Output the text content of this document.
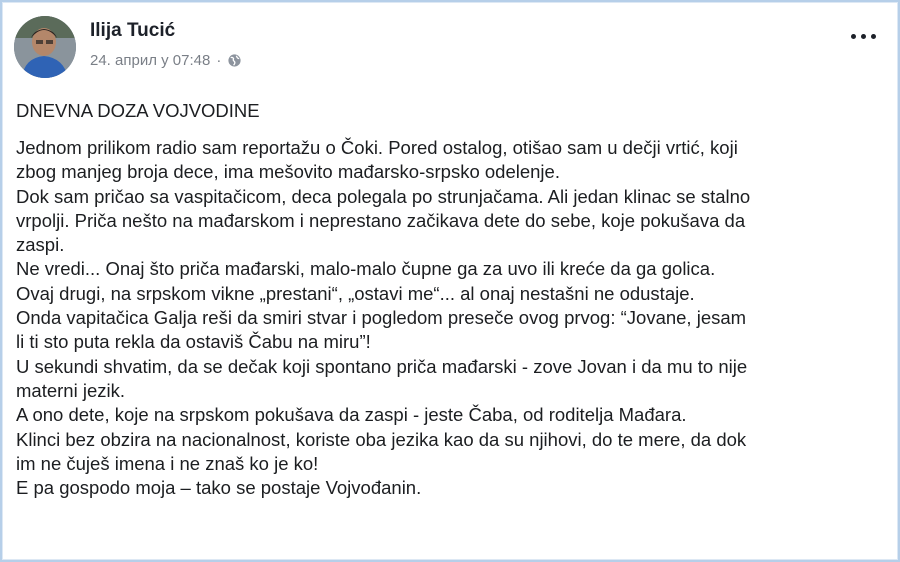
Ilija Tucić
24. април у 07:48 ·
DNEVNA DOZA VOJVODINE

Jednom prilikom radio sam reportažu o Čoki. Pored ostalog, otišao sam u dečji vrtić, koji

zbog manjeg broja dece, ima mešovito mađarsko-srpsko odelenje.

Dok sam pričao sa vaspitačicom, deca polegala po strunjačama. Ali jedan klinac se stalno

vrpolji. Priča nešto na mađarskom i neprestano začikava dete do sebe, koje pokušava da

zaspi.

Ne vredi... Onaj što priča mađarski, malo-malo čupne ga za uvo ili kreće da ga golica.

Ovaj drugi, na srpskom vikne „prestani“, „ostavi me“... al onaj nestašni ne odustaje.

Onda vapitačica Galja reši da smiri stvar i pogledom preseče ovog prvog: “Jovane, jesam

li ti sto puta rekla da ostaviš Čabu na miru”!

U sekundi shvatim, da se dečak koji spontano priča mađarski - zove Jovan i da mu to nije

materni jezik.

A ono dete, koje na srpskom pokušava da zaspi - jeste Čaba, od roditelja Mađara.

Klinci bez obzira na nacionalnost, koriste oba jezika kao da su njihovi, do te mere, da dok

im ne čuješ imena i ne znaš ko je ko!

E pa gospodo moja – tako se postaje Vojvođanin.
